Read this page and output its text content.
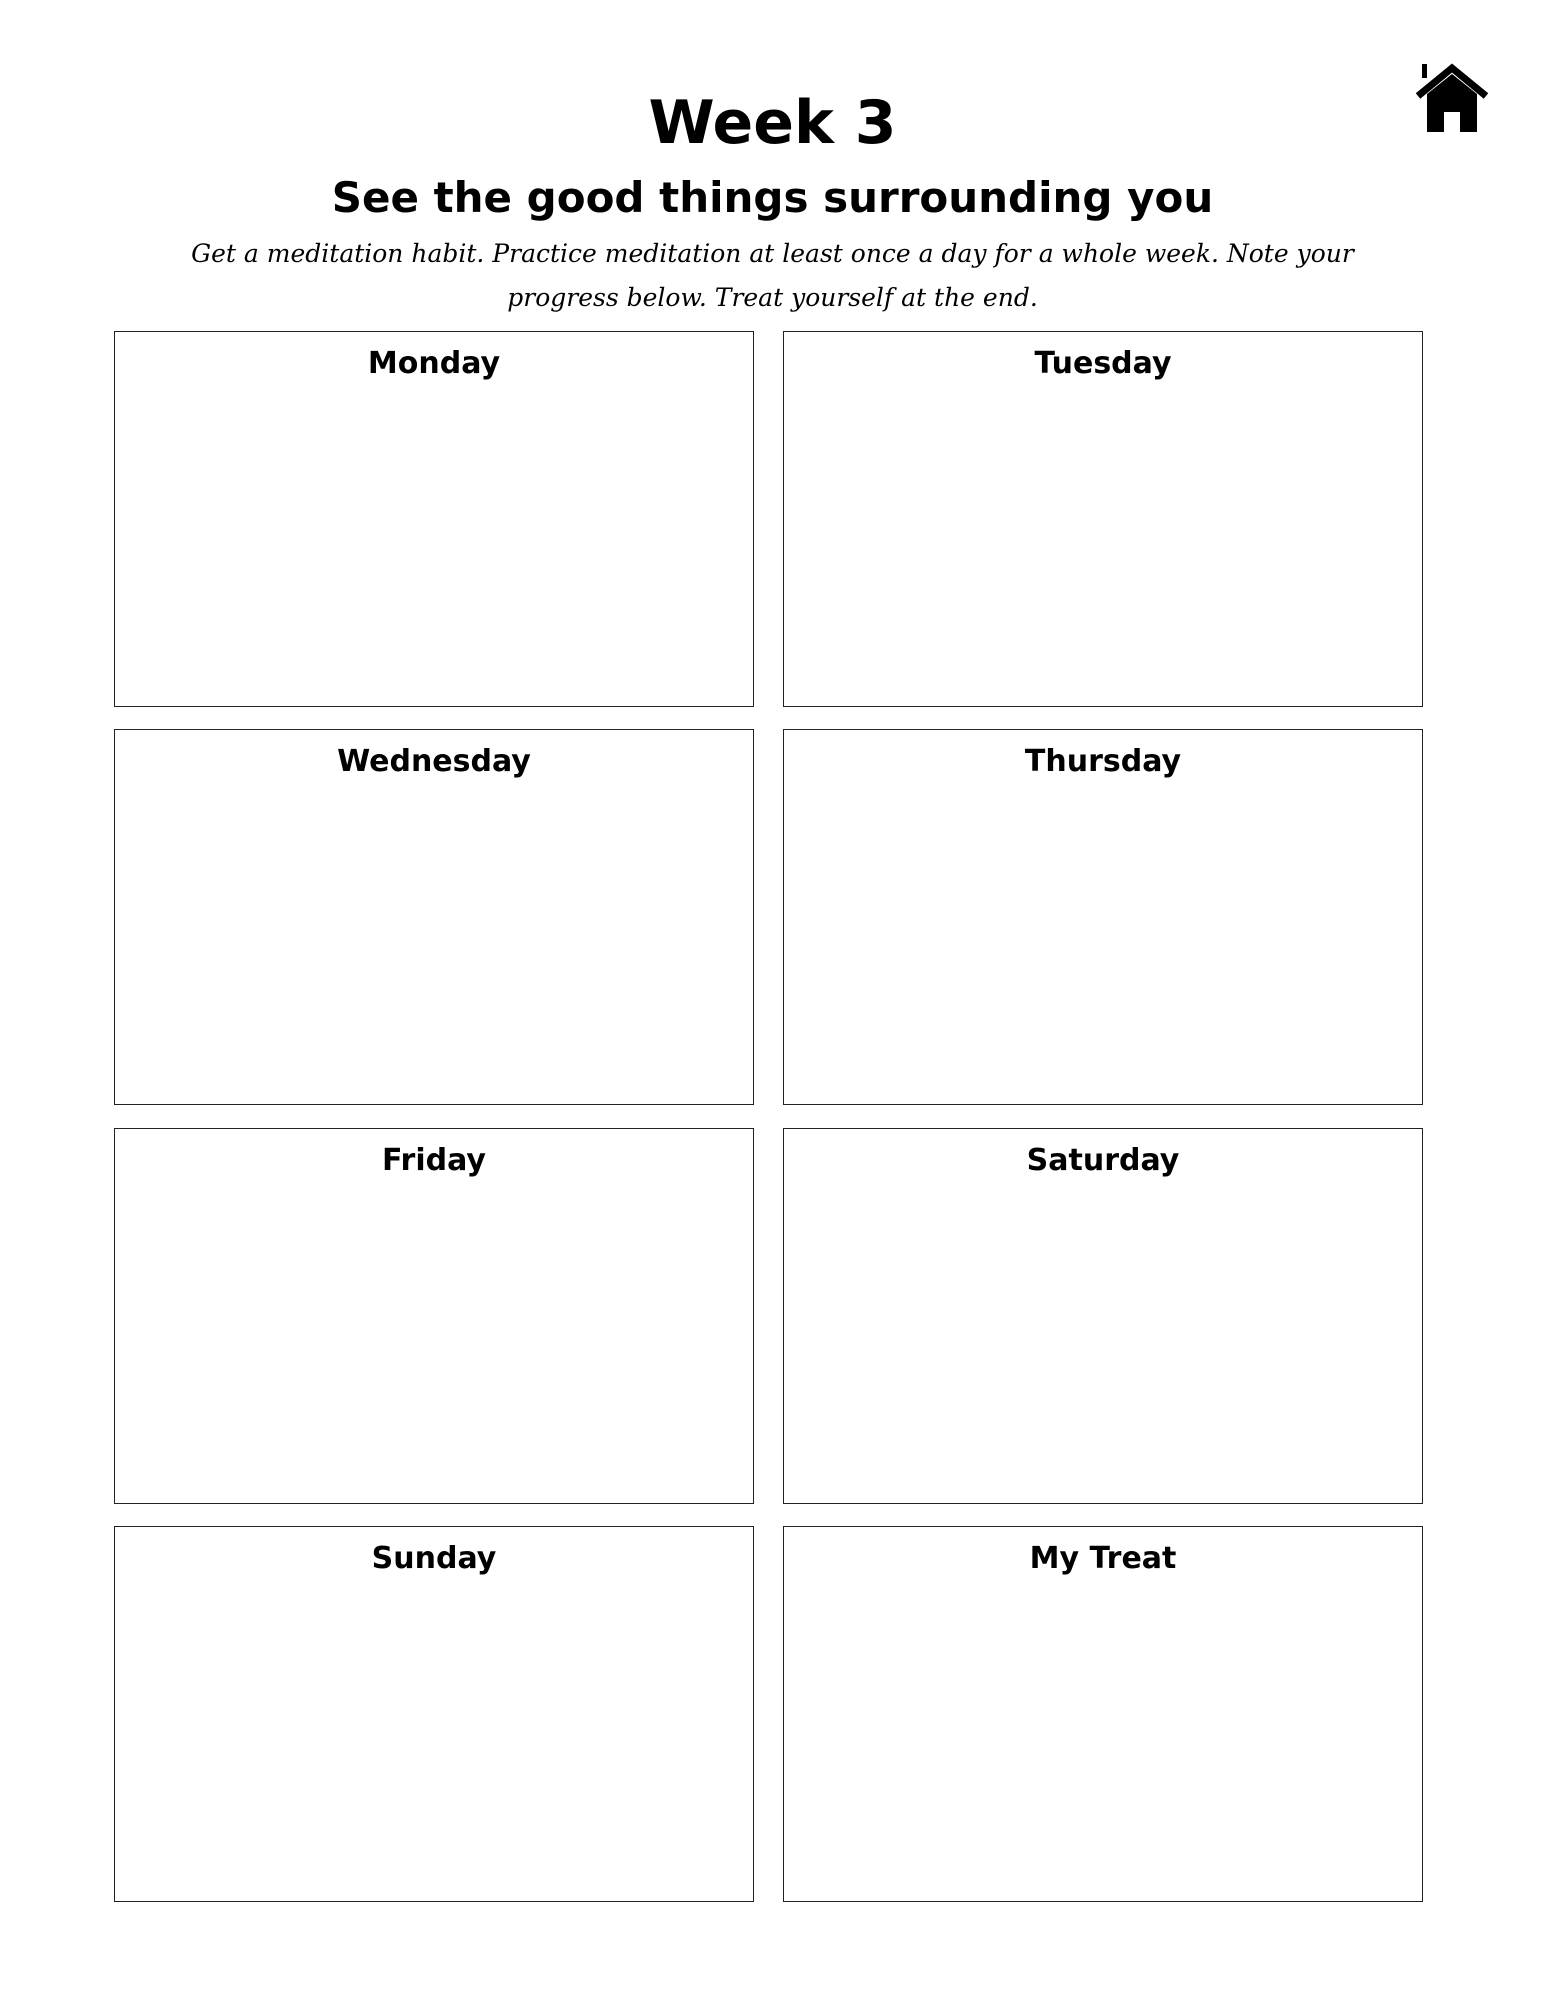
Week 3
See the good things surrounding you
Get a meditation habit. Practice meditation at least once a day for a whole week. Note your progress below. Treat yourself at the end.
Monday	Tuesday
Wednesday	Thursday
Friday	Saturday
Sunday	My Treat
